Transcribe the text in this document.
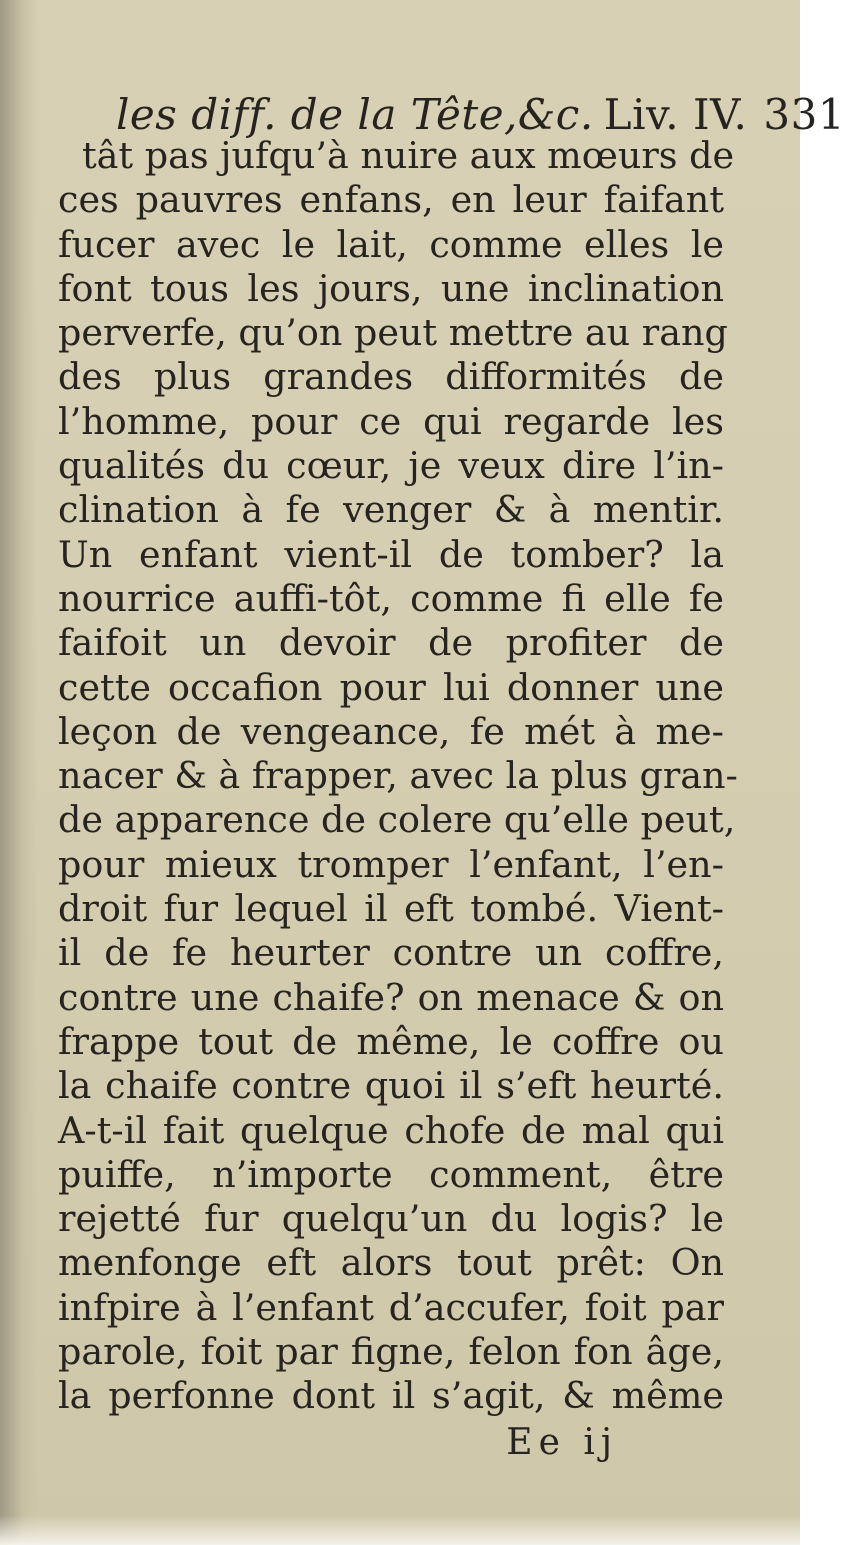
les diff. de la Tête,&c. Liv. IV. 331
tât pas jufqu’à nuire aux mœurs de
ces pauvres enfans, en leur faifant
fucer avec le lait, comme elles le
font tous les jours, une inclination
perverfe, qu’on peut mettre au rang
des plus grandes difformités de
l’homme, pour ce qui regarde les
qualités du cœur, je veux dire l’in-
clination à fe venger & à mentir.
Un enfant vient-il de tomber? la
nourrice auffi-tôt, comme fi elle fe
faifoit un devoir de profiter de
cette occafion pour lui donner une
leçon de vengeance, fe mét à me-
nacer & à frapper, avec la plus gran-
de apparence de colere qu’elle peut,
pour mieux tromper l’enfant, l’en-
droit fur lequel il eft tombé. Vient-
il de fe heurter contre un coffre,
contre une chaife? on menace & on
frappe tout de même, le coffre ou
la chaife contre quoi il s’eft heurté.
A-t-il fait quelque chofe de mal qui
puiffe, n’importe comment, être
rejetté fur quelqu’un du logis? le
menfonge eft alors tout prêt: On
infpire à l’enfant d’accufer, foit par
parole, foit par figne, felon fon âge,
la perfonne dont il s’agit, & même
Ee ij
